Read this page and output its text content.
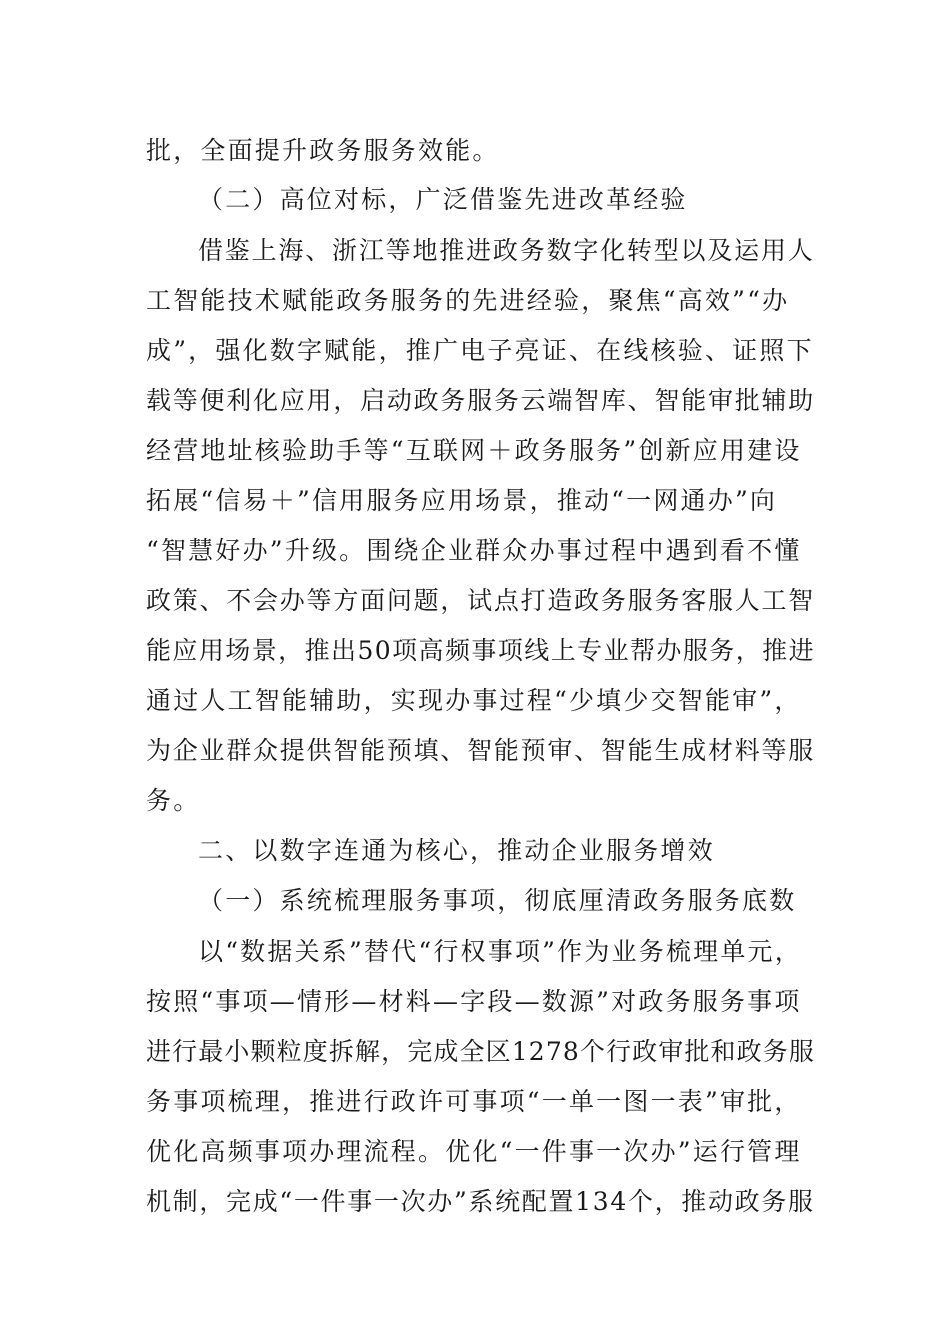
批，全面提升政务服务效能。
（二）高位对标，广泛借鉴先进改革经验
借鉴上海、浙江等地推进政务数字化转型以及运用人
工智能技术赋能政务服务的先进经验，聚焦“高效”“办
成”，强化数字赋能，推广电子亮证、在线核验、证照下
载等便利化应用，启动政务服务云端智库、智能审批辅助
经营地址核验助手等“互联网＋政务服务”创新应用建设
拓展“信易＋”信用服务应用场景，推动“一网通办”向
“智慧好办”升级。围绕企业群众办事过程中遇到看不懂
政策、不会办等方面问题，试点打造政务服务客服人工智
能应用场景，推出50项高频事项线上专业帮办服务，推进
通过人工智能辅助，实现办事过程“少填少交智能审”，
为企业群众提供智能预填、智能预审、智能生成材料等服
务。
二、以数字连通为核心，推动企业服务增效
（一）系统梳理服务事项，彻底厘清政务服务底数
以“数据关系”替代“行权事项”作为业务梳理单元，
按照“事项—情形—材料—字段—数源”对政务服务事项
进行最小颗粒度拆解，完成全区1278个行政审批和政务服
务事项梳理，推进行政许可事项“一单一图一表”审批，
优化高频事项办理流程。优化“一件事一次办”运行管理
机制，完成“一件事一次办”系统配置134个，推动政务服
